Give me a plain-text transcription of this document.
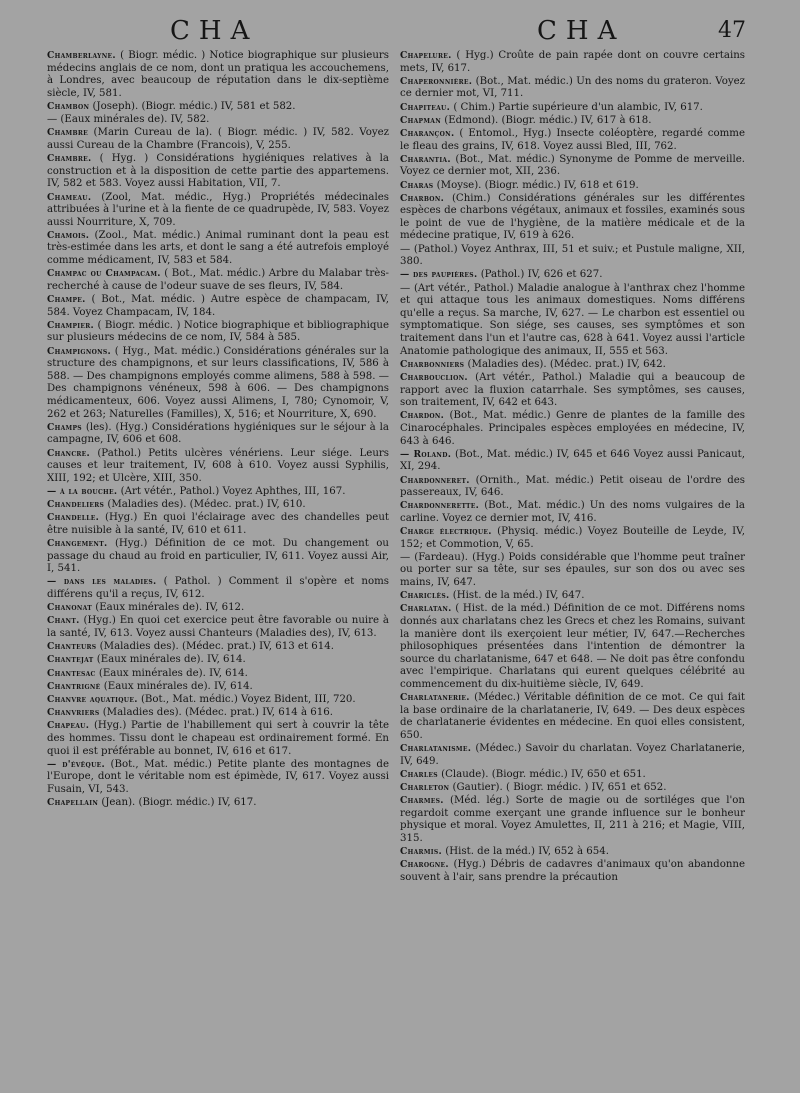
CHA	CHA	47

Chamberlayne. ( Biogr. médic. ) Notice biographique sur plusieurs médecins anglais de ce nom, dont un pratiqua les accouchemens, à Londres, avec beaucoup de réputation dans le dix-septième siècle, IV, 581.

Chambon (Joseph). (Biogr. médic.) IV, 581 et 582.

— (Eaux minérales de). IV, 582.

Chambre (Marin Cureau de la). ( Biogr. médic. ) IV, 582. Voyez aussi Cureau de la Chambre (Francois), V, 255.

Chambre. ( Hyg. ) Considérations hygiéniques relatives à la construction et à la disposition de cette partie des appartemens. IV, 582 et 583. Voyez aussi Habitation, VII, 7.

Chameau. (Zool, Mat. médic., Hyg.) Propriétés médecinales attribuées à l'urine et à la fiente de ce quadrupède, IV, 583. Voyez aussi Nourriture, X, 709.

Chamois. (Zool., Mat. médic.) Animal ruminant dont la peau est très-estimée dans les arts, et dont le sang a été autrefois employé comme médicament, IV, 583 et 584.

Champac ou Champacam. ( Bot., Mat. médic.) Arbre du Malabar très-recherché à cause de l'odeur suave de ses fleurs, IV, 584.

Champe. ( Bot., Mat. médic. ) Autre espèce de champacam, IV, 584. Voyez Champacam, IV, 184.

Champier. ( Biogr. médic. ) Notice biographique et bibliographique sur plusieurs médecins de ce nom, IV, 584 à 585.

Champignons. ( Hyg., Mat. médic.) Considérations générales sur la structure des champignons, et sur leurs classifications, IV, 586 à 588. — Des champignons employés comme alimens, 588 à 598. — Des champignons vénéneux, 598 à 606. — Des champignons médicamenteux, 606. Voyez aussi Alimens, I, 780; Cynomoir, V, 262 et 263; Naturelles (Familles), X, 516; et Nourriture, X, 690.

Champs (les). (Hyg.) Considérations hygiéniques sur le séjour à la campagne, IV, 606 et 608.

Chancre. (Pathol.) Petits ulcères vénériens. Leur siége. Leurs causes et leur traitement, IV, 608 à 610. Voyez aussi Syphilis, XIII, 192; et Ulcère, XIII, 350.

— à la bouche. (Art vétér., Pathol.) Voyez Aphthes, III, 167.

Chandeliers (Maladies des). (Médec. prat.) IV, 610.

Chandelle. (Hyg.) En quoi l'éclairage avec des chandelles peut être nuisible à la santé, IV, 610 et 611.

Changement. (Hyg.) Définition de ce mot. Du changement ou passage du chaud au froid en particulier, IV, 611. Voyez aussi Air, I, 541.

— dans les maladies. ( Pathol. ) Comment il s'opère et noms différens qu'il a reçus, IV, 612.

Chanonat (Eaux minérales de). IV, 612.

Chant. (Hyg.) En quoi cet exercice peut être favorable ou nuire à la santé, IV, 613. Voyez aussi Chanteurs (Maladies des), IV, 613.

Chanteurs (Maladies des). (Médec. prat.) IV, 613 et 614.

Chantejat (Eaux minérales de). IV, 614.

Chantesac (Eaux minérales de). IV, 614.

Chantrigné (Eaux minérales de). IV, 614.

Chanvre aquatique. (Bot., Mat. médic.) Voyez Bident, III, 720.

Chanvriers (Maladies des). (Médec. prat.) IV, 614 à 616.

Chapeau. (Hyg.) Partie de l'habillement qui sert à couvrir la tête des hommes. Tissu dont le chapeau est ordinairement formé. En quoi il est préférable au bonnet, IV, 616 et 617.

— d'évêque. (Bot., Mat. médic.) Petite plante des montagnes de l'Europe, dont le véritable nom est épimède, IV, 617. Voyez aussi Fusain, VI, 543.

Chapellain (Jean). (Biogr. médic.) IV, 617.

Chapelure. ( Hyg.) Croûte de pain rapée dont on couvre certains mets, IV, 617.

Chaperonnière. (Bot., Mat. médic.) Un des noms du grateron. Voyez ce dernier mot, VI, 711.

Chapiteau. ( Chim.) Partie supérieure d'un alambic, IV, 617.

Chapman (Edmond). (Biogr. médic.) IV, 617 à 618.

Charançon. ( Entomol., Hyg.) Insecte coléoptère, regardé comme le fleau des grains, IV, 618. Voyez aussi Bled, III, 762.

Charantia. (Bot., Mat. médic.) Synonyme de Pomme de merveille. Voyez ce dernier mot, XII, 236.

Charas (Moyse). (Biogr. médic.) IV, 618 et 619.

Charbon. (Chim.) Considérations générales sur les différentes espèces de charbons végétaux, animaux et fossiles, examinés sous le point de vue de l'hygiène, de la matière médicale et de la médecine pratique, IV, 619 à 626.

— (Pathol.) Voyez Anthrax, III, 51 et suiv.; et Pustule maligne, XII, 380.

— des paupières. (Pathol.) IV, 626 et 627.

— (Art vétér., Pathol.) Maladie analogue à l'anthrax chez l'homme et qui attaque tous les animaux domestiques. Noms différens qu'elle a reçus. Sa marche, IV, 627. — Le charbon est essentiel ou symptomatique. Son siége, ses causes, ses symptômes et son traitement dans l'un et l'autre cas, 628 à 641. Voyez aussi l'article Anatomie pathologique des animaux, II, 555 et 563.

Charbonniers (Maladies des). (Médec. prat.) IV, 642.

Charbouclion. (Art vétér., Pathol.) Maladie qui a beaucoup de rapport avec la fluxion catarrhale. Ses symptômes, ses causes, son traitement, IV, 642 et 643.

Chardon. (Bot., Mat. médic.) Genre de plantes de la famille des Cinarocéphales. Principales espèces employées en médecine, IV, 643 à 646.

— Roland. (Bot., Mat. médic.) IV, 645 et 646 Voyez aussi Panicaut, XI, 294.

Chardonneret. (Ornith., Mat. médic.) Petit oiseau de l'ordre des passereaux, IV, 646.

Chardonnerette. (Bot., Mat. médic.) Un des noms vulgaires de la carline. Voyez ce dernier mot, IV, 416.

Charge électrique. (Physiq. médic.) Voyez Bouteille de Leyde, IV, 152; et Commotion, V, 65.

— (Fardeau). (Hyg.) Poids considérable que l'homme peut traîner ou porter sur sa tête, sur ses épaules, sur son dos ou avec ses mains, IV, 647.

Chariclès. (Hist. de la méd.) IV, 647.

Charlatan. ( Hist. de la méd.) Définition de ce mot. Différens noms donnés aux charlatans chez les Grecs et chez les Romains, suivant la manière dont ils exerçoient leur métier, IV, 647.—Recherches philosophiques présentées dans l'intention de démontrer la source du charlatanisme, 647 et 648. — Ne doit pas être confondu avec l'empirique. Charlatans qui eurent quelques célébrité au commencement du dix-huitième siècle, IV, 649.

Charlatanerie. (Médec.) Véritable définition de ce mot. Ce qui fait la base ordinaire de la charlatanerie, IV, 649. — Des deux espèces de charlatanerie évidentes en médecine. En quoi elles consistent, 650.

Charlatanisme. (Médec.) Savoir du charlatan. Voyez Charlatanerie, IV, 649.

Charles (Claude). (Biogr. médic.) IV, 650 et 651.

Charleton (Gautier). ( Biogr. médic. ) IV, 651 et 652.

Charmes. (Méd. lég.) Sorte de magie ou de sortiléges que l'on regardoit comme exerçant une grande influence sur le bonheur physique et moral. Voyez Amulettes, II, 211 à 216; et Magie, VIII, 315.

Charmis. (Hist. de la méd.) IV, 652 à 654.

Charogne. (Hyg.) Débris de cadavres d'animaux qu'on abandonne souvent à l'air, sans prendre la précaution
